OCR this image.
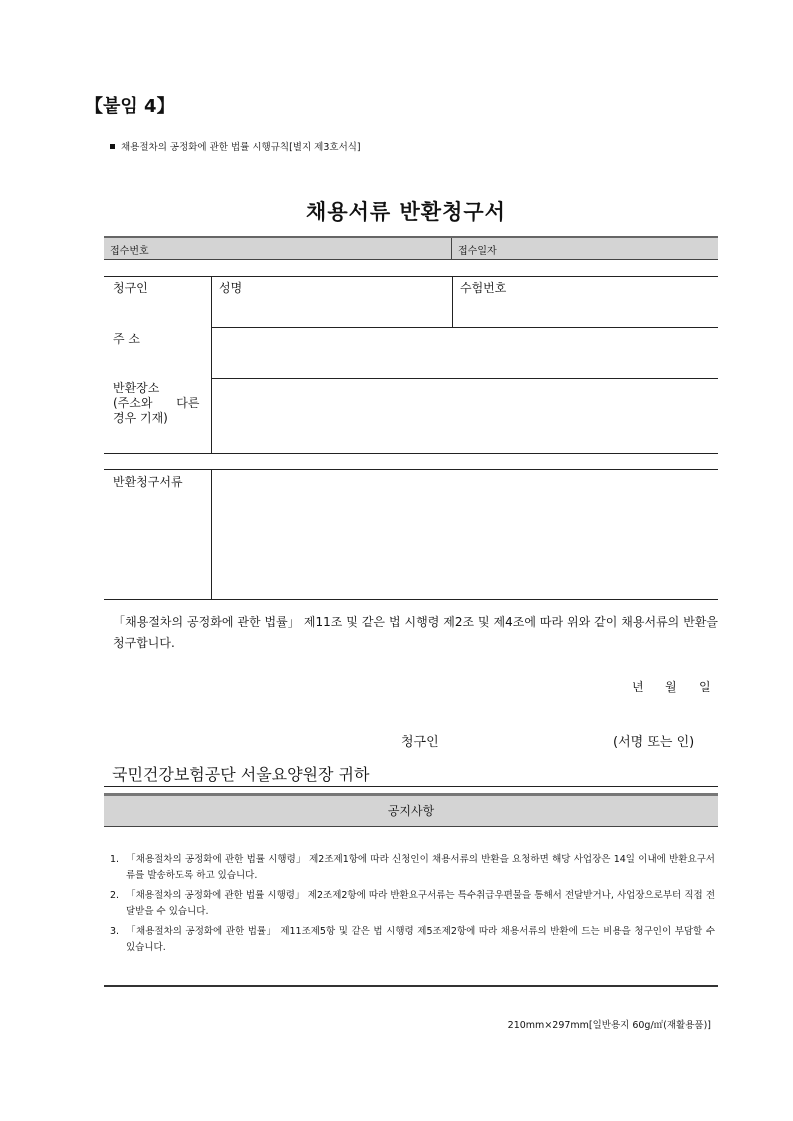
【붙임 4】
채용절차의 공정화에 관한 법률 시행규칙[별지 제3호서식]
채용서류 반환청구서
접수번호	접수일자
청구인	성명	수험번호
주 소
반환장소
(주소와 다른
경우 기재)
반환청구서류
「채용절차의 공정화에 관한 법률」 제11조 및 같은 법 시행령 제2조 및 제4조에 따라 위와 같이 채용서류의 반환을 청구합니다.
년 월 일
청구인	(서명 또는 인)
국민건강보험공단 서울요양원장 귀하
공지사항
1. 「채용절차의 공정화에 관한 법률 시행령」 제2조제1항에 따라 신청인이 채용서류의 반환을 요청하면 해당 사업장은 14일 이내에 반환요구서류를 발송하도록 하고 있습니다.
2. 「채용절차의 공정화에 관한 법률 시행령」 제2조제2항에 따라 반환요구서류는 특수취급우편물을 통해서 전달받거나, 사업장으로부터 직접 전달받을 수 있습니다.
3. 「채용절차의 공정화에 관한 법률」 제11조제5항 및 같은 법 시행령 제5조제2항에 따라 채용서류의 반환에 드는 비용을 청구인이 부담할 수 있습니다.
210mm×297mm[일반용지 60g/㎡(재활용품)]
